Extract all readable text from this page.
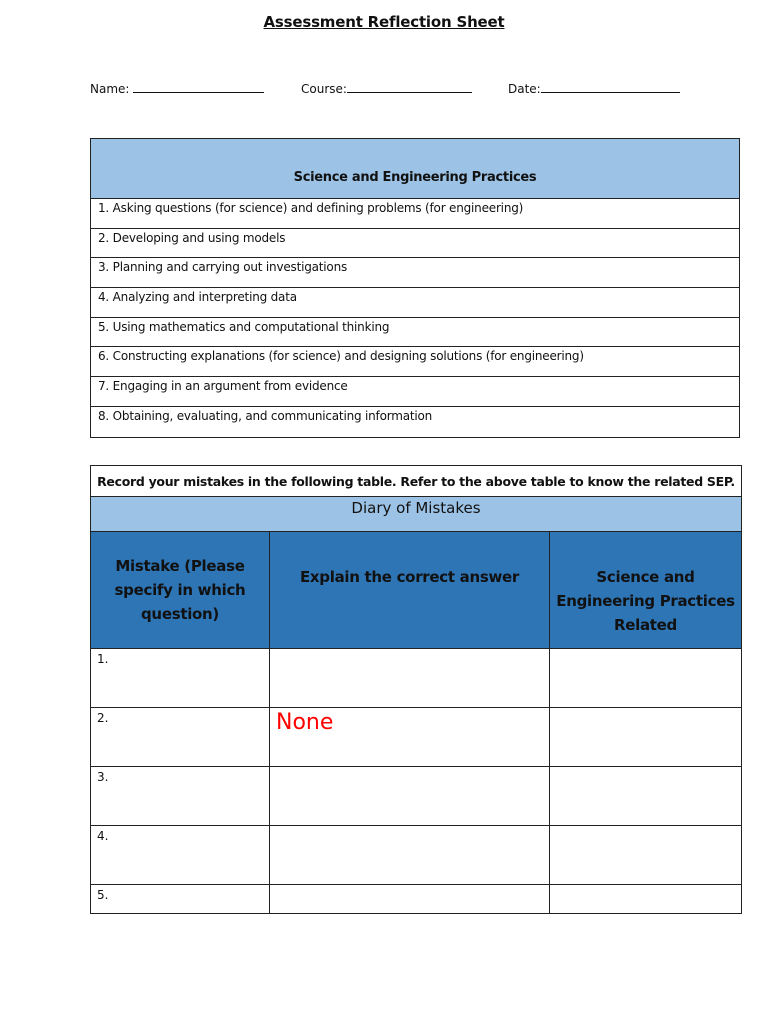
Assessment Reflection Sheet
Name:	Course:	Date:
Science and Engineering Practices
1. Asking questions (for science) and defining problems (for engineering)
2. Developing and using models
3. Planning and carrying out investigations
4. Analyzing and interpreting data
5. Using mathematics and computational thinking
6. Constructing explanations (for science) and designing solutions (for engineering)
7. Engaging in an argument from evidence
8. Obtaining, evaluating, and communicating information
Record your mistakes in the following table. Refer to the above table to know the related SEP.		
Diary of Mistakes		
Mistake (Please specify in which question)	Explain the correct answer	Science and Engineering Practices Related
1.		
2.	None	
3.		
4.		
5.		
